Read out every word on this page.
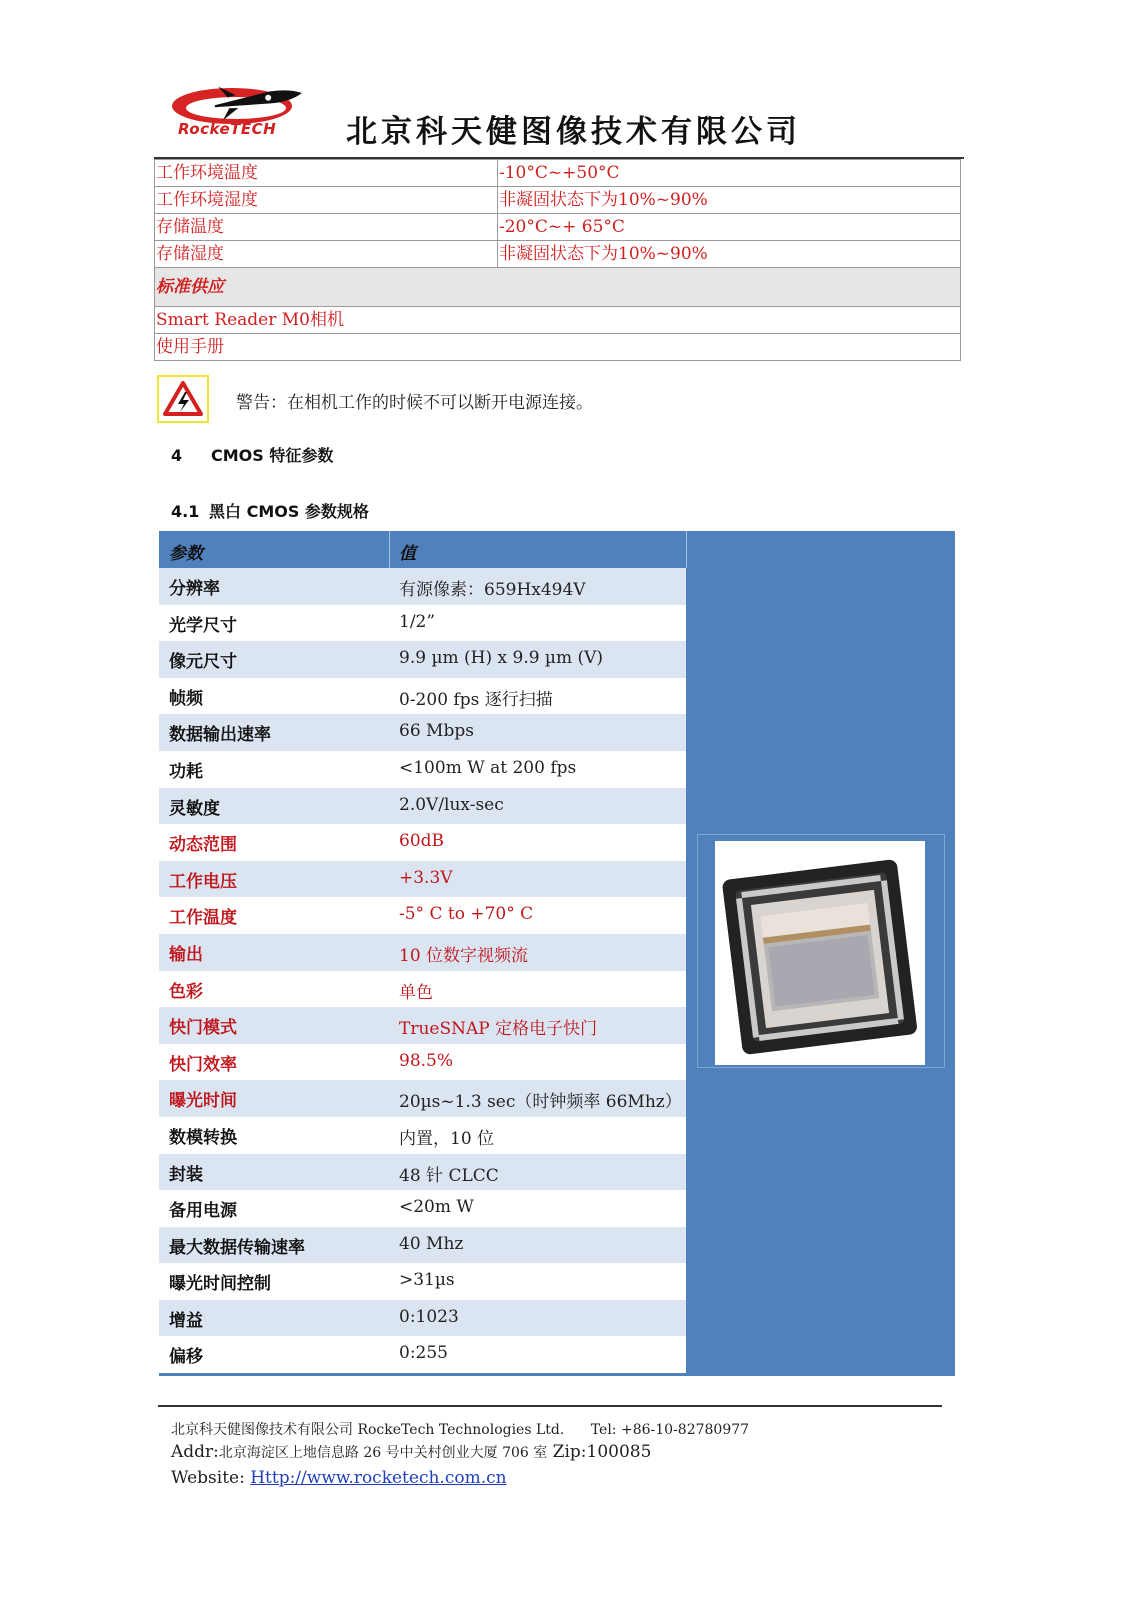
RockeTECH 北京科天健图像技术有限公司
工作环境温度	-10°C~+50°C
工作环境湿度	非凝固状态下为10%~90%
存储温度	-20°C~+ 65°C
存储湿度	非凝固状态下为10%~90%
标准供应	
Smart Reader M0相机	
使用手册	
警告：在相机工作的时候不可以断开电源连接。
4 CMOS 特征参数
4.1 黑白 CMOS 参数规格
参数	值
分辨率	有源像素：659Hx494V
光学尺寸	1/2”
像元尺寸	9.9 µm (H) x 9.9 µm (V)
帧频	0-200 fps 逐行扫描
数据输出速率	66 Mbps
功耗	<100m W at 200 fps
灵敏度	2.0V/lux-sec
动态范围	60dB
工作电压	+3.3V
工作温度	-5° C to +70° C
输出	10 位数字视频流
色彩	单色
快门模式	TrueSNAP 定格电子快门
快门效率	98.5%
曝光时间	20µs~1.3 sec（时钟频率 66Mhz）
数模转换	内置，10 位
封装	48 针 CLCC
备用电源	<20m W
最大数据传输速率	40 Mhz
曝光时间控制	>31µs
增益	0:1023
偏移	0:255
北京科天健图像技术有限公司 RockeTech Technologies Ltd. Tel: +86-10-82780977
Addr:北京海淀区上地信息路 26 号中关村创业大厦 706 室 Zip:100085
Website: Http://www.rocketech.com.cn
